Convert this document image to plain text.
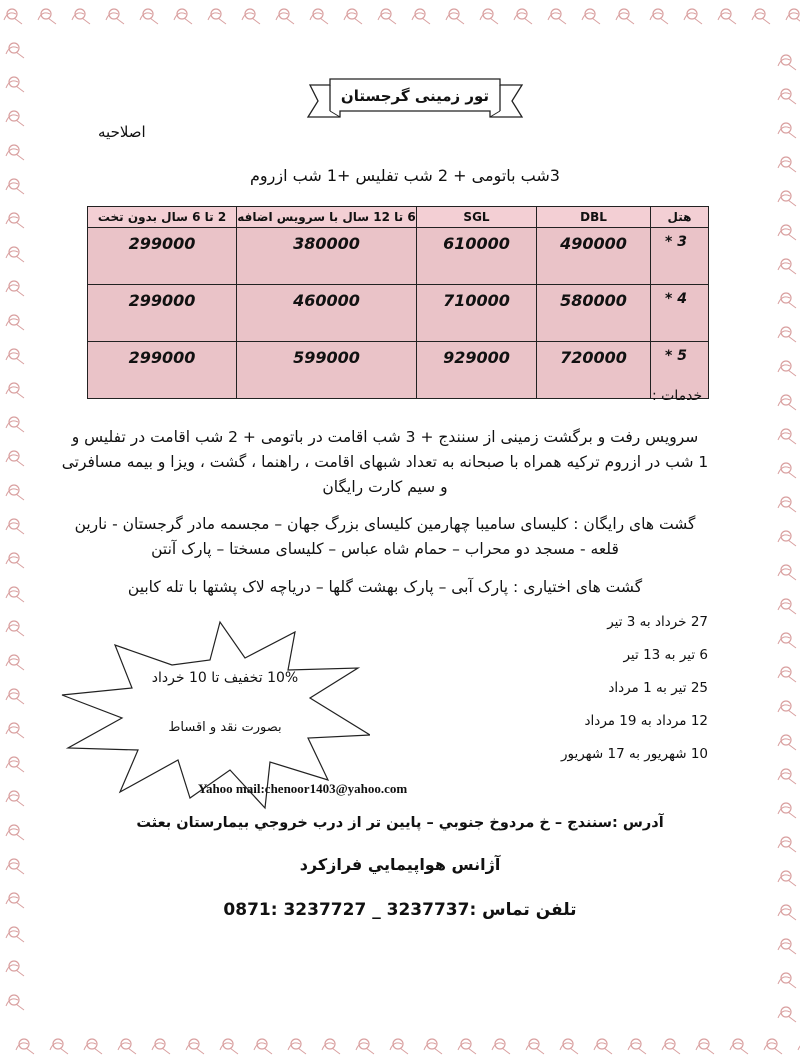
تور زمینی گرجستان
اصلاحیه
3شب باتومی + 2 شب تفلیس +1 شب ازروم
هتل	DBL	SGL	6 تا 12 سال با سرویس اضافه	2 تا 6 سال بدون تخت
3 *	490000	610000	380000	299000
4 *	580000	710000	460000	299000
5 *	720000	929000	599000	299000
خدمات :
سرویس رفت و برگشت زمینی از سنندج + 3 شب اقامت در باتومی + 2 شب اقامت در تفلیس و
1 شب در ازروم ترکیه همراه با صبحانه به تعداد شبهای اقامت ، راهنما ، گشت ، ویزا و بیمه مسافرتی
و سیم کارت رایگان
گشت های رایگان : کلیسای سامیبا چهارمین کلیسای بزرگ جهان – مجسمه مادر گرجستان - نارین
قلعه - مسجد دو محراب – حمام شاه عباس – کلیسای مسختا – پارک آنتن
گشت های اختیاری : پارک آبی – پارک بهشت گلها – دریاچه لاک پشتها با تله کابین
10% تخفیف تا 10 خرداد
بصورت نقد و اقساط
27 خرداد به 3 تیر
6 تیر به 13 تیر
25 تیر به 1 مرداد
12 مرداد به 19 مرداد
10 شهریور به 17 شهریور
Yahoo mail:chenoor1403@yahoo.com
آدرس :سنندج – خ مردوخ جنوبي – پايين تر از درب خروجي بيمارستان بعثت
آژانس هواپيمايي فرازكرد
تلفن تماس :3237737 _ 3237727 :0871
